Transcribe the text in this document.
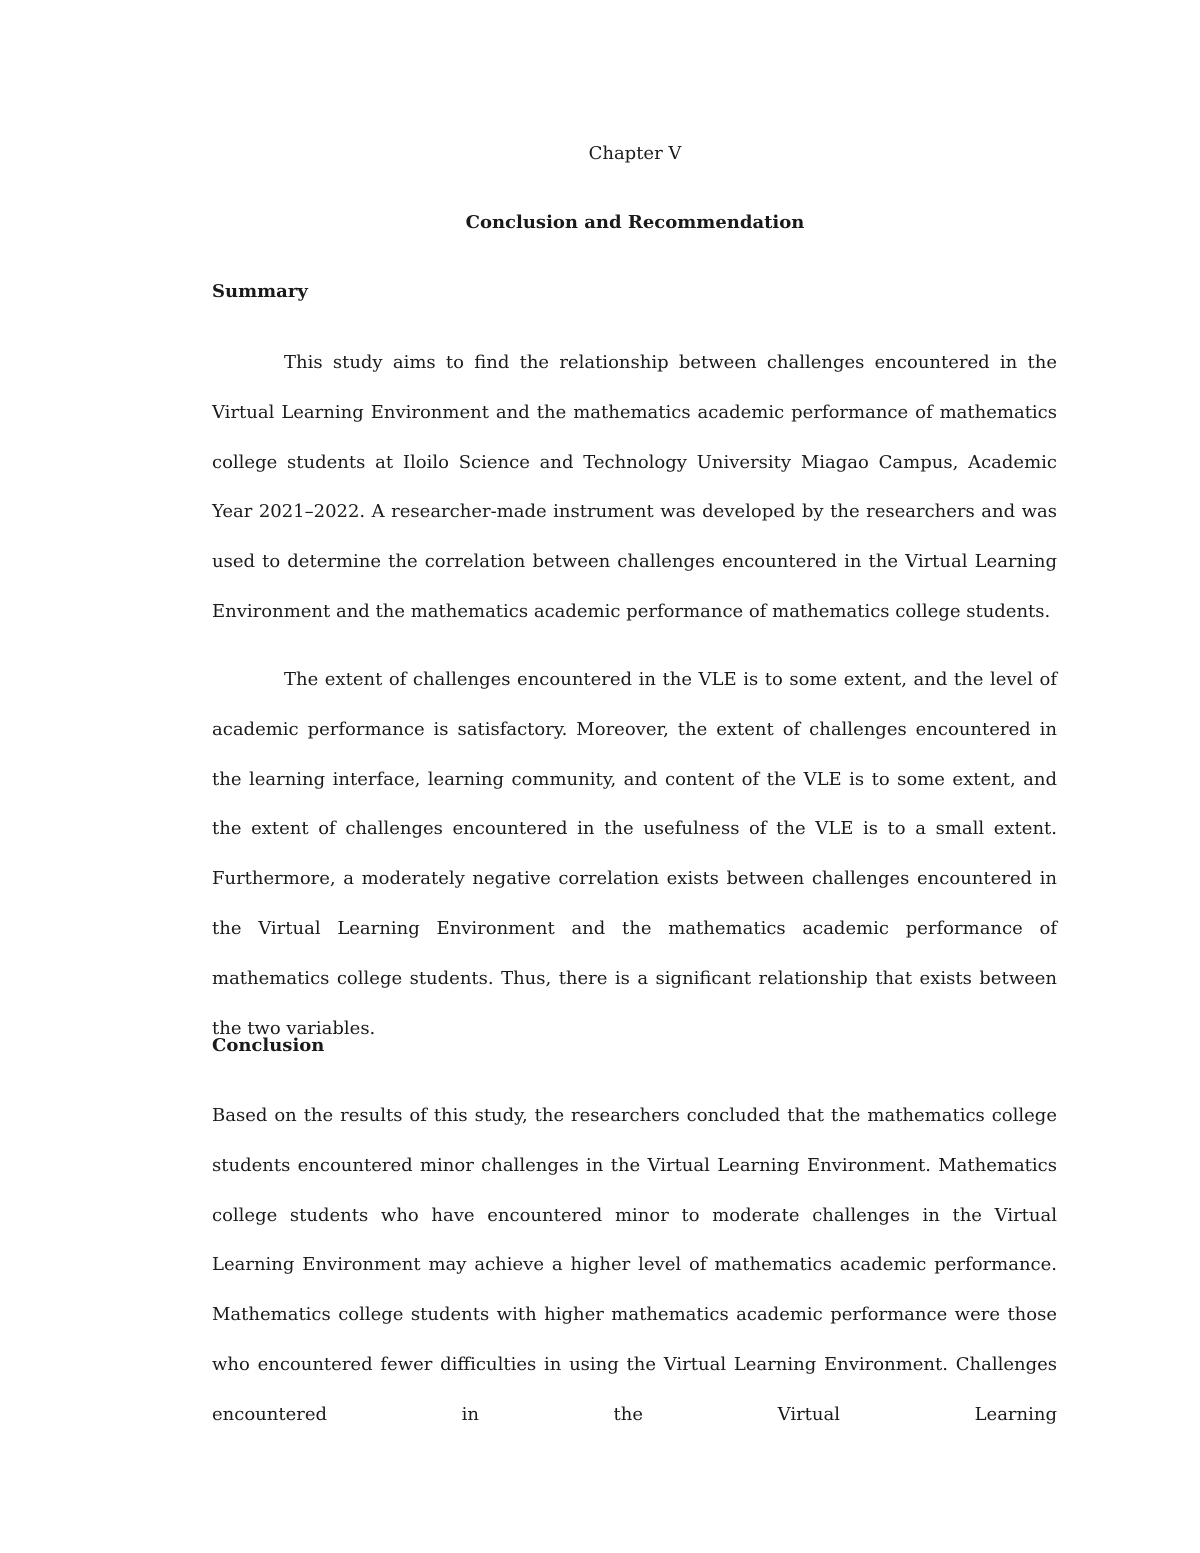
Chapter V
Conclusion and Recommendation
Summary

This study aims to find the relationship between challenges encountered in the Virtual Learning Environment and the mathematics academic performance of mathematics college students at Iloilo Science and Technology University Miagao Campus, Academic Year 2021–2022. A researcher-made instrument was developed by the researchers and was used to determine the correlation between challenges encountered in the Virtual Learning Environment and the mathematics academic performance of mathematics college students.

The extent of challenges encountered in the VLE is to some extent, and the level of academic performance is satisfactory. Moreover, the extent of challenges encountered in the learning interface, learning community, and content of the VLE is to some extent, and the extent of challenges encountered in the usefulness of the VLE is to a small extent. Furthermore, a moderately negative correlation exists between challenges encountered in the Virtual Learning Environment and the mathematics academic performance of mathematics college students. Thus, there is a significant relationship that exists between the two variables.

Conclusion

Based on the results of this study, the researchers concluded that the mathematics college students encountered minor challenges in the Virtual Learning Environment. Mathematics college students who have encountered minor to moderate challenges in the Virtual Learning Environment may achieve a higher level of mathematics academic performance. Mathematics college students with higher mathematics academic performance were those who encountered fewer difficulties in using the Virtual Learning Environment. Challenges encountered in the Virtual Learning
